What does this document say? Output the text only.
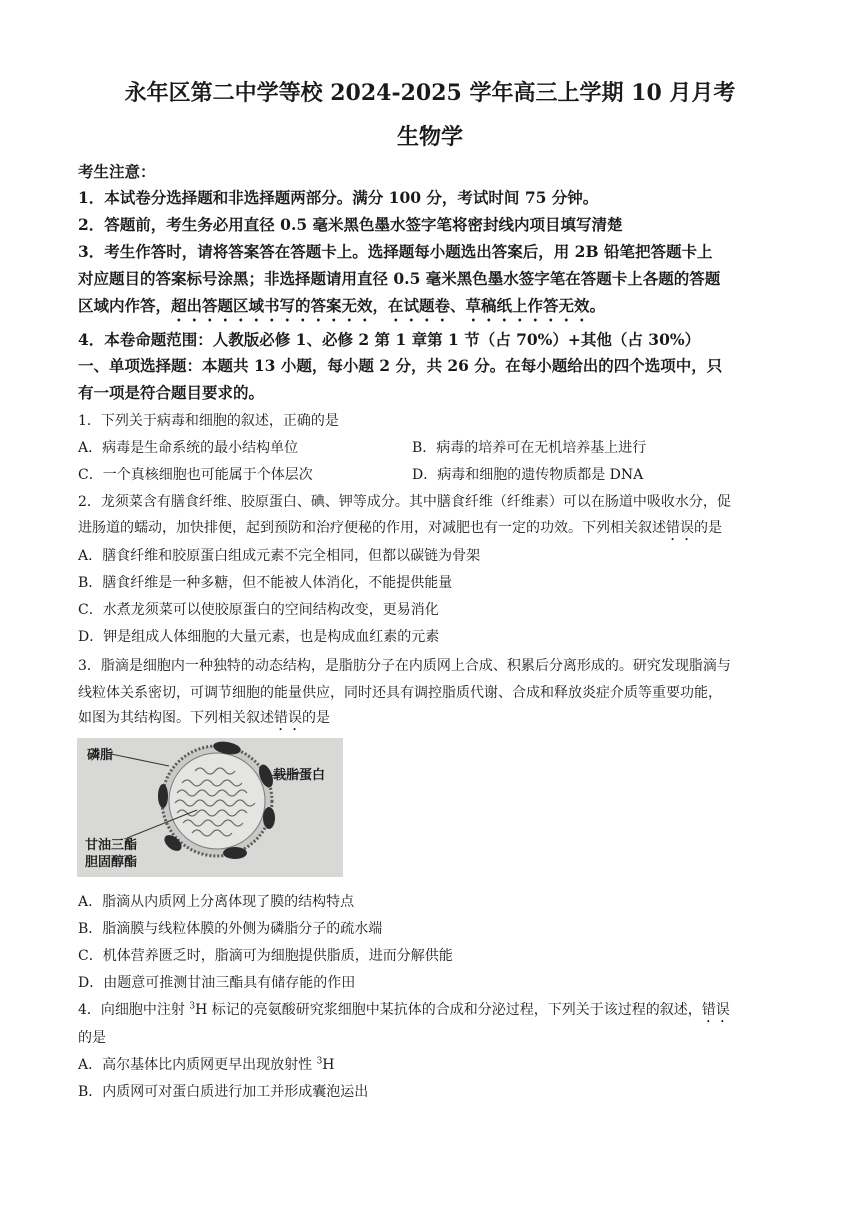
永年区第二中学等校 2024-2025 学年高三上学期 10 月月考
生物学
考生注意：
1．本试卷分选择题和非选择题两部分。满分 100 分，考试时间 75 分钟。
2．答题前，考生务必用直径 0.5 毫米黑色墨水签字笔将密封线内项目填写清楚
3．考生作答时，请将答案答在答题卡上。选择题每小题选出答案后，用 2B 铅笔把答题卡上
对应题目的答案标号涂黑；非选择题请用直径 0.5 毫米黑色墨水签字笔在答题卡上各题的答题
区域内作答，超出答题区域书写的答案无效，在试题卷、草稿纸上作答无效。
4．本卷命题范围：人教版必修 1、必修 2 第 1 章第 1 节（占 70%）+其他（占 30%）
一、单项选择题：本题共 13 小题，每小题 2 分，共 26 分。在每小题给出的四个选项中，只
有一项是符合题目要求的。
1．下列关于病毒和细胞的叙述，正确的是
A．病毒是生命系统的最小结构单位	B．病毒的培养可在无机培养基上进行
C．一个真核细胞也可能属于个体层次	D．病毒和细胞的遗传物质都是 DNA
2．龙须菜含有膳食纤维、胶原蛋白、碘、钾等成分。其中膳食纤维（纤维素）可以在肠道中吸收水分，促
进肠道的蠕动，加快排便，起到预防和治疗便秘的作用，对减肥也有一定的功效。下列相关叙述错误的是
A．膳食纤维和胶原蛋白组成元素不完全相同，但都以碳链为骨架
B．膳食纤维是一种多糖，但不能被人体消化，不能提供能量
C．水煮龙须菜可以使胶原蛋白的空间结构改变，更易消化
D．钾是组成人体细胞的大量元素，也是构成血红素的元素
3．脂滴是细胞内一种独特的动态结构，是脂肪分子在内质网上合成、积累后分离形成的。研究发现脂滴与
线粒体关系密切，可调节细胞的能量供应，同时还具有调控脂质代谢、合成和释放炎症介质等重要功能，
如图为其结构图。下列相关叙述错误的是
磷脂
载脂蛋白
甘油三酯
胆固醇酯
A．脂滴从内质网上分离体现了膜的结构特点
B．脂滴膜与线粒体膜的外侧为磷脂分子的疏水端
C．机体营养匮乏时，脂滴可为细胞提供脂质，进而分解供能
D．由题意可推测甘油三酯具有储存能的作田
4．向细胞中注射 $^3$H 标记的亮氨酸研究浆细胞中某抗体的合成和分泌过程，下列关于该过程的叙述，错误
的是
A．高尔基体比内质网更早出现放射性 $^3$H
B．内质网可对蛋白质进行加工并形成囊泡运出
